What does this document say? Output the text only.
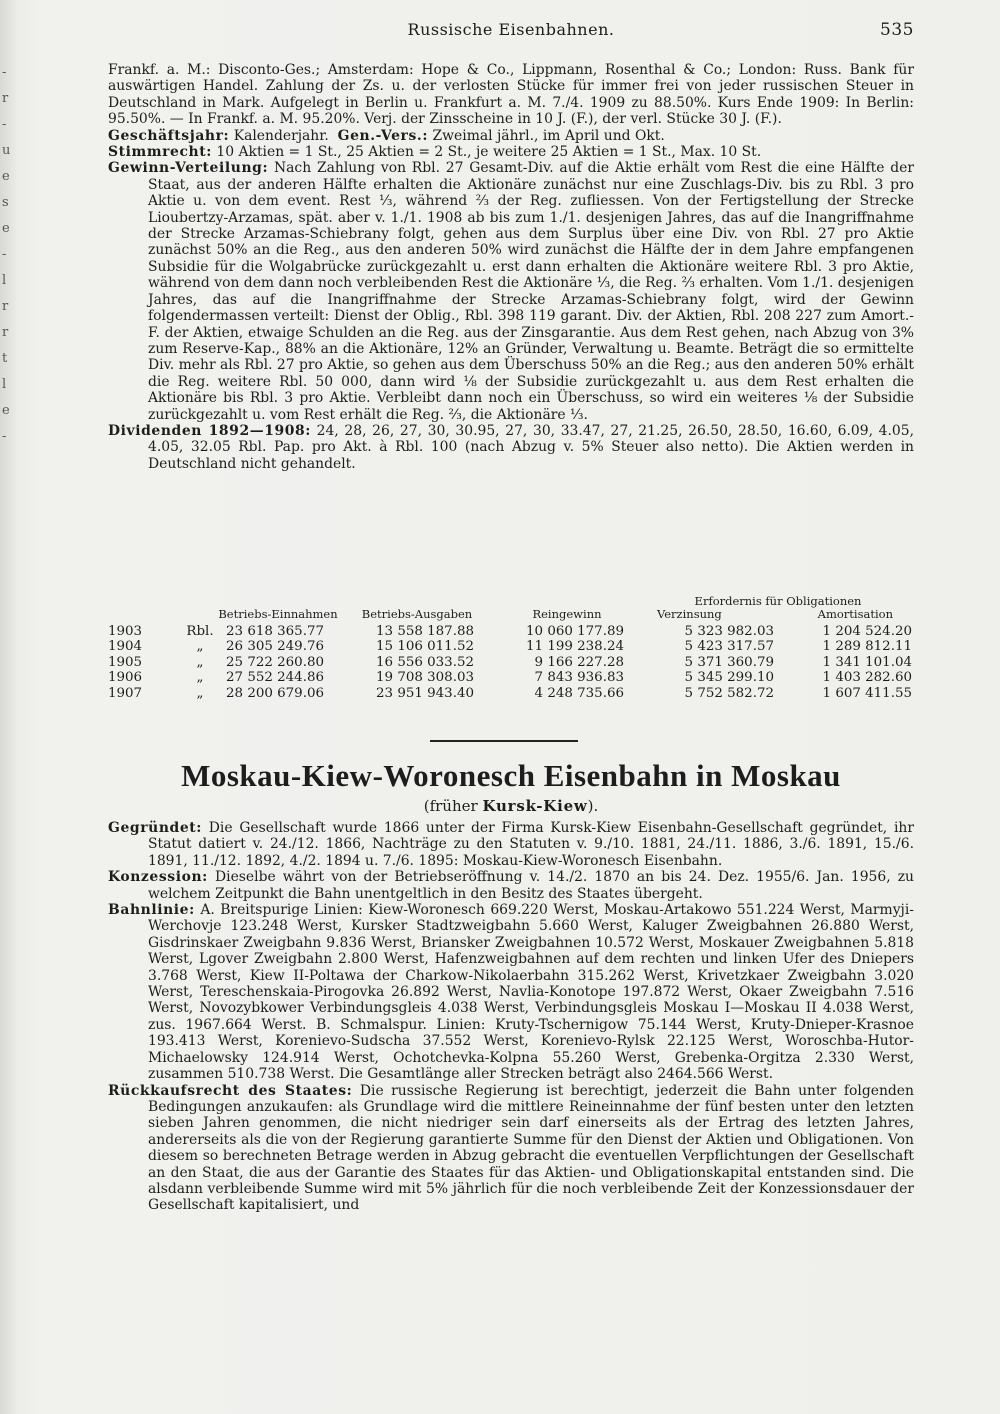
-
r
-
u
e
s
e
-
l
r
r
t
l
e
-
Russische Eisenbahnen.	535

Frankf. a. M.: Disconto-Ges.; Amsterdam: Hope & Co., Lippmann, Rosenthal & Co.; London: Russ. Bank für auswärtigen Handel. Zahlung der Zs. u. der verlosten Stücke für immer frei von jeder russischen Steuer in Deutschland in Mark. Aufgelegt in Berlin u. Frankfurt a. M. 7./4. 1909 zu 88.50%. Kurs Ende 1909: In Berlin: 95.50%. — In Frankf. a. M. 95.20%. Verj. der Zinsscheine in 10 J. (F.), der verl. Stücke 30 J. (F.).

Geschäftsjahr: Kalenderjahr. Gen.-Vers.: Zweimal jährl., im April und Okt.

Stimmrecht: 10 Aktien = 1 St., 25 Aktien = 2 St., je weitere 25 Aktien = 1 St., Max. 10 St.

Gewinn-Verteilung: Nach Zahlung von Rbl. 27 Gesamt-Div. auf die Aktie erhält vom Rest die eine Hälfte der Staat, aus der anderen Hälfte erhalten die Aktionäre zunächst nur eine Zuschlags-Div. bis zu Rbl. 3 pro Aktie u. von dem event. Rest ⅓, während ⅔ der Reg. zufliessen. Von der Fertigstellung der Strecke Lioubertzy-Arzamas, spät. aber v. 1./1. 1908 ab bis zum 1./1. desjenigen Jahres, das auf die Inangriffnahme der Strecke Arzamas-Schiebrany folgt, gehen aus dem Surplus über eine Div. von Rbl. 27 pro Aktie zunächst 50% an die Reg., aus den anderen 50% wird zunächst die Hälfte der in dem Jahre empfangenen Subsidie für die Wolgabrücke zurückgezahlt u. erst dann erhalten die Aktionäre weitere Rbl. 3 pro Aktie, während von dem dann noch verbleibenden Rest die Aktionäre ⅓, die Reg. ⅔ erhalten. Vom 1./1. desjenigen Jahres, das auf die Inangriffnahme der Strecke Arzamas-Schiebrany folgt, wird der Gewinn folgendermassen verteilt: Dienst der Oblig., Rbl. 398 119 garant. Div. der Aktien, Rbl. 208 227 zum Amort.-F. der Aktien, etwaige Schulden an die Reg. aus der Zinsgarantie. Aus dem Rest gehen, nach Abzug von 3% zum Reserve-Kap., 88% an die Aktionäre, 12% an Gründer, Verwaltung u. Beamte. Beträgt die so ermittelte Div. mehr als Rbl. 27 pro Aktie, so gehen aus dem Überschuss 50% an die Reg.; aus den anderen 50% erhält die Reg. weitere Rbl. 50 000, dann wird ⅛ der Subsidie zurückgezahlt u. aus dem Rest erhalten die Aktionäre bis Rbl. 3 pro Aktie. Verbleibt dann noch ein Überschuss, so wird ein weiteres ⅛ der Subsidie zurückgezahlt u. vom Rest erhält die Reg. ⅔, die Aktionäre ⅓.

Dividenden 1892—1908: 24, 28, 26, 27, 30, 30.95, 27, 30, 33.47, 27, 21.25, 26.50, 28.50, 16.60, 6.09, 4.05, 4.05, 32.05 Rbl. Pap. pro Akt. à Rbl. 100 (nach Abzug v. 5% Steuer also netto). Die Aktien werden in Deutschland nicht gehandelt.

		Betriebs-Einnahmen	Betriebs-Ausgaben	Reingewinn	Erfordernis für Obligationen
Verzinsung Amortisation	

1903	Rbl.	23 618 365.77	13 558 187.88	10 060 177.89	5 323 982.03	1 204 524.20
1904	„	26 305 249.76	15 106 011.52	11 199 238.24	5 423 317.57	1 289 812.11
1905	„	25 722 260.80	16 556 033.52	9 166 227.28	5 371 360.79	1 341 101.04
1906	„	27 552 244.86	19 708 308.03	7 843 936.83	5 345 299.10	1 403 282.60
1907	„	28 200 679.06	23 951 943.40	4 248 735.66	5 752 582.72	1 607 411.55
Moskau-Kiew-Woronesch Eisenbahn in Moskau
(früher Kursk-Kiew).

Gegründet: Die Gesellschaft wurde 1866 unter der Firma Kursk-Kiew Eisenbahn-Gesellschaft gegründet, ihr Statut datiert v. 24./12. 1866, Nachträge zu den Statuten v. 9./10. 1881, 24./11. 1886, 3./6. 1891, 15./6. 1891, 11./12. 1892, 4./2. 1894 u. 7./6. 1895: Moskau-Kiew-Woronesch Eisenbahn.

Konzession: Dieselbe währt von der Betriebseröffnung v. 14./2. 1870 an bis 24. Dez. 1955/6. Jan. 1956, zu welchem Zeitpunkt die Bahn unentgeltlich in den Besitz des Staates übergeht.

Bahnlinie: A. Breitspurige Linien: Kiew-Woronesch 669.220 Werst, Moskau-Artakowo 551.224 Werst, Marmyji-Werchovje 123.248 Werst, Kursker Stadtzweigbahn 5.660 Werst, Kaluger Zweigbahnen 26.880 Werst, Gisdrinskaer Zweigbahn 9.836 Werst, Briansker Zweigbahnen 10.572 Werst, Moskauer Zweigbahnen 5.818 Werst, Lgover Zweigbahn 2.800 Werst, Hafenzweigbahnen auf dem rechten und linken Ufer des Dniepers 3.768 Werst, Kiew II-Poltawa der Charkow-Nikolaerbahn 315.262 Werst, Krivetzkaer Zweigbahn 3.020 Werst, Tereschenskaia-Pirogovka 26.892 Werst, Navlia-Konotope 197.872 Werst, Okaer Zweigbahn 7.516 Werst, Novozybkower Verbindungsgleis 4.038 Werst, Verbindungsgleis Moskau I—Moskau II 4.038 Werst, zus. 1967.664 Werst. B. Schmalspur. Linien: Kruty-Tschernigow 75.144 Werst, Kruty-Dnieper-Krasnoe 193.413 Werst, Korenievo-Sudscha 37.552 Werst, Korenievo-Rylsk 22.125 Werst, Woroschba-Hutor-Michaelowsky 124.914 Werst, Ochotchevka-Kolpna 55.260 Werst, Grebenka-Orgitza 2.330 Werst, zusammen 510.738 Werst. Die Gesamtlänge aller Strecken beträgt also 2464.566 Werst.

Rückkaufsrecht des Staates: Die russische Regierung ist berechtigt, jederzeit die Bahn unter folgenden Bedingungen anzukaufen: als Grundlage wird die mittlere Reineinnahme der fünf besten unter den letzten sieben Jahren genommen, die nicht niedriger sein darf einerseits als der Ertrag des letzten Jahres, andererseits als die von der Regierung garantierte Summe für den Dienst der Aktien und Obligationen. Von diesem so berechneten Betrage werden in Abzug gebracht die eventuellen Verpflichtungen der Gesellschaft an den Staat, die aus der Garantie des Staates für das Aktien- und Obligationskapital entstanden sind. Die alsdann verbleibende Summe wird mit 5% jährlich für die noch verbleibende Zeit der Konzessionsdauer der Gesellschaft kapitalisiert, und
